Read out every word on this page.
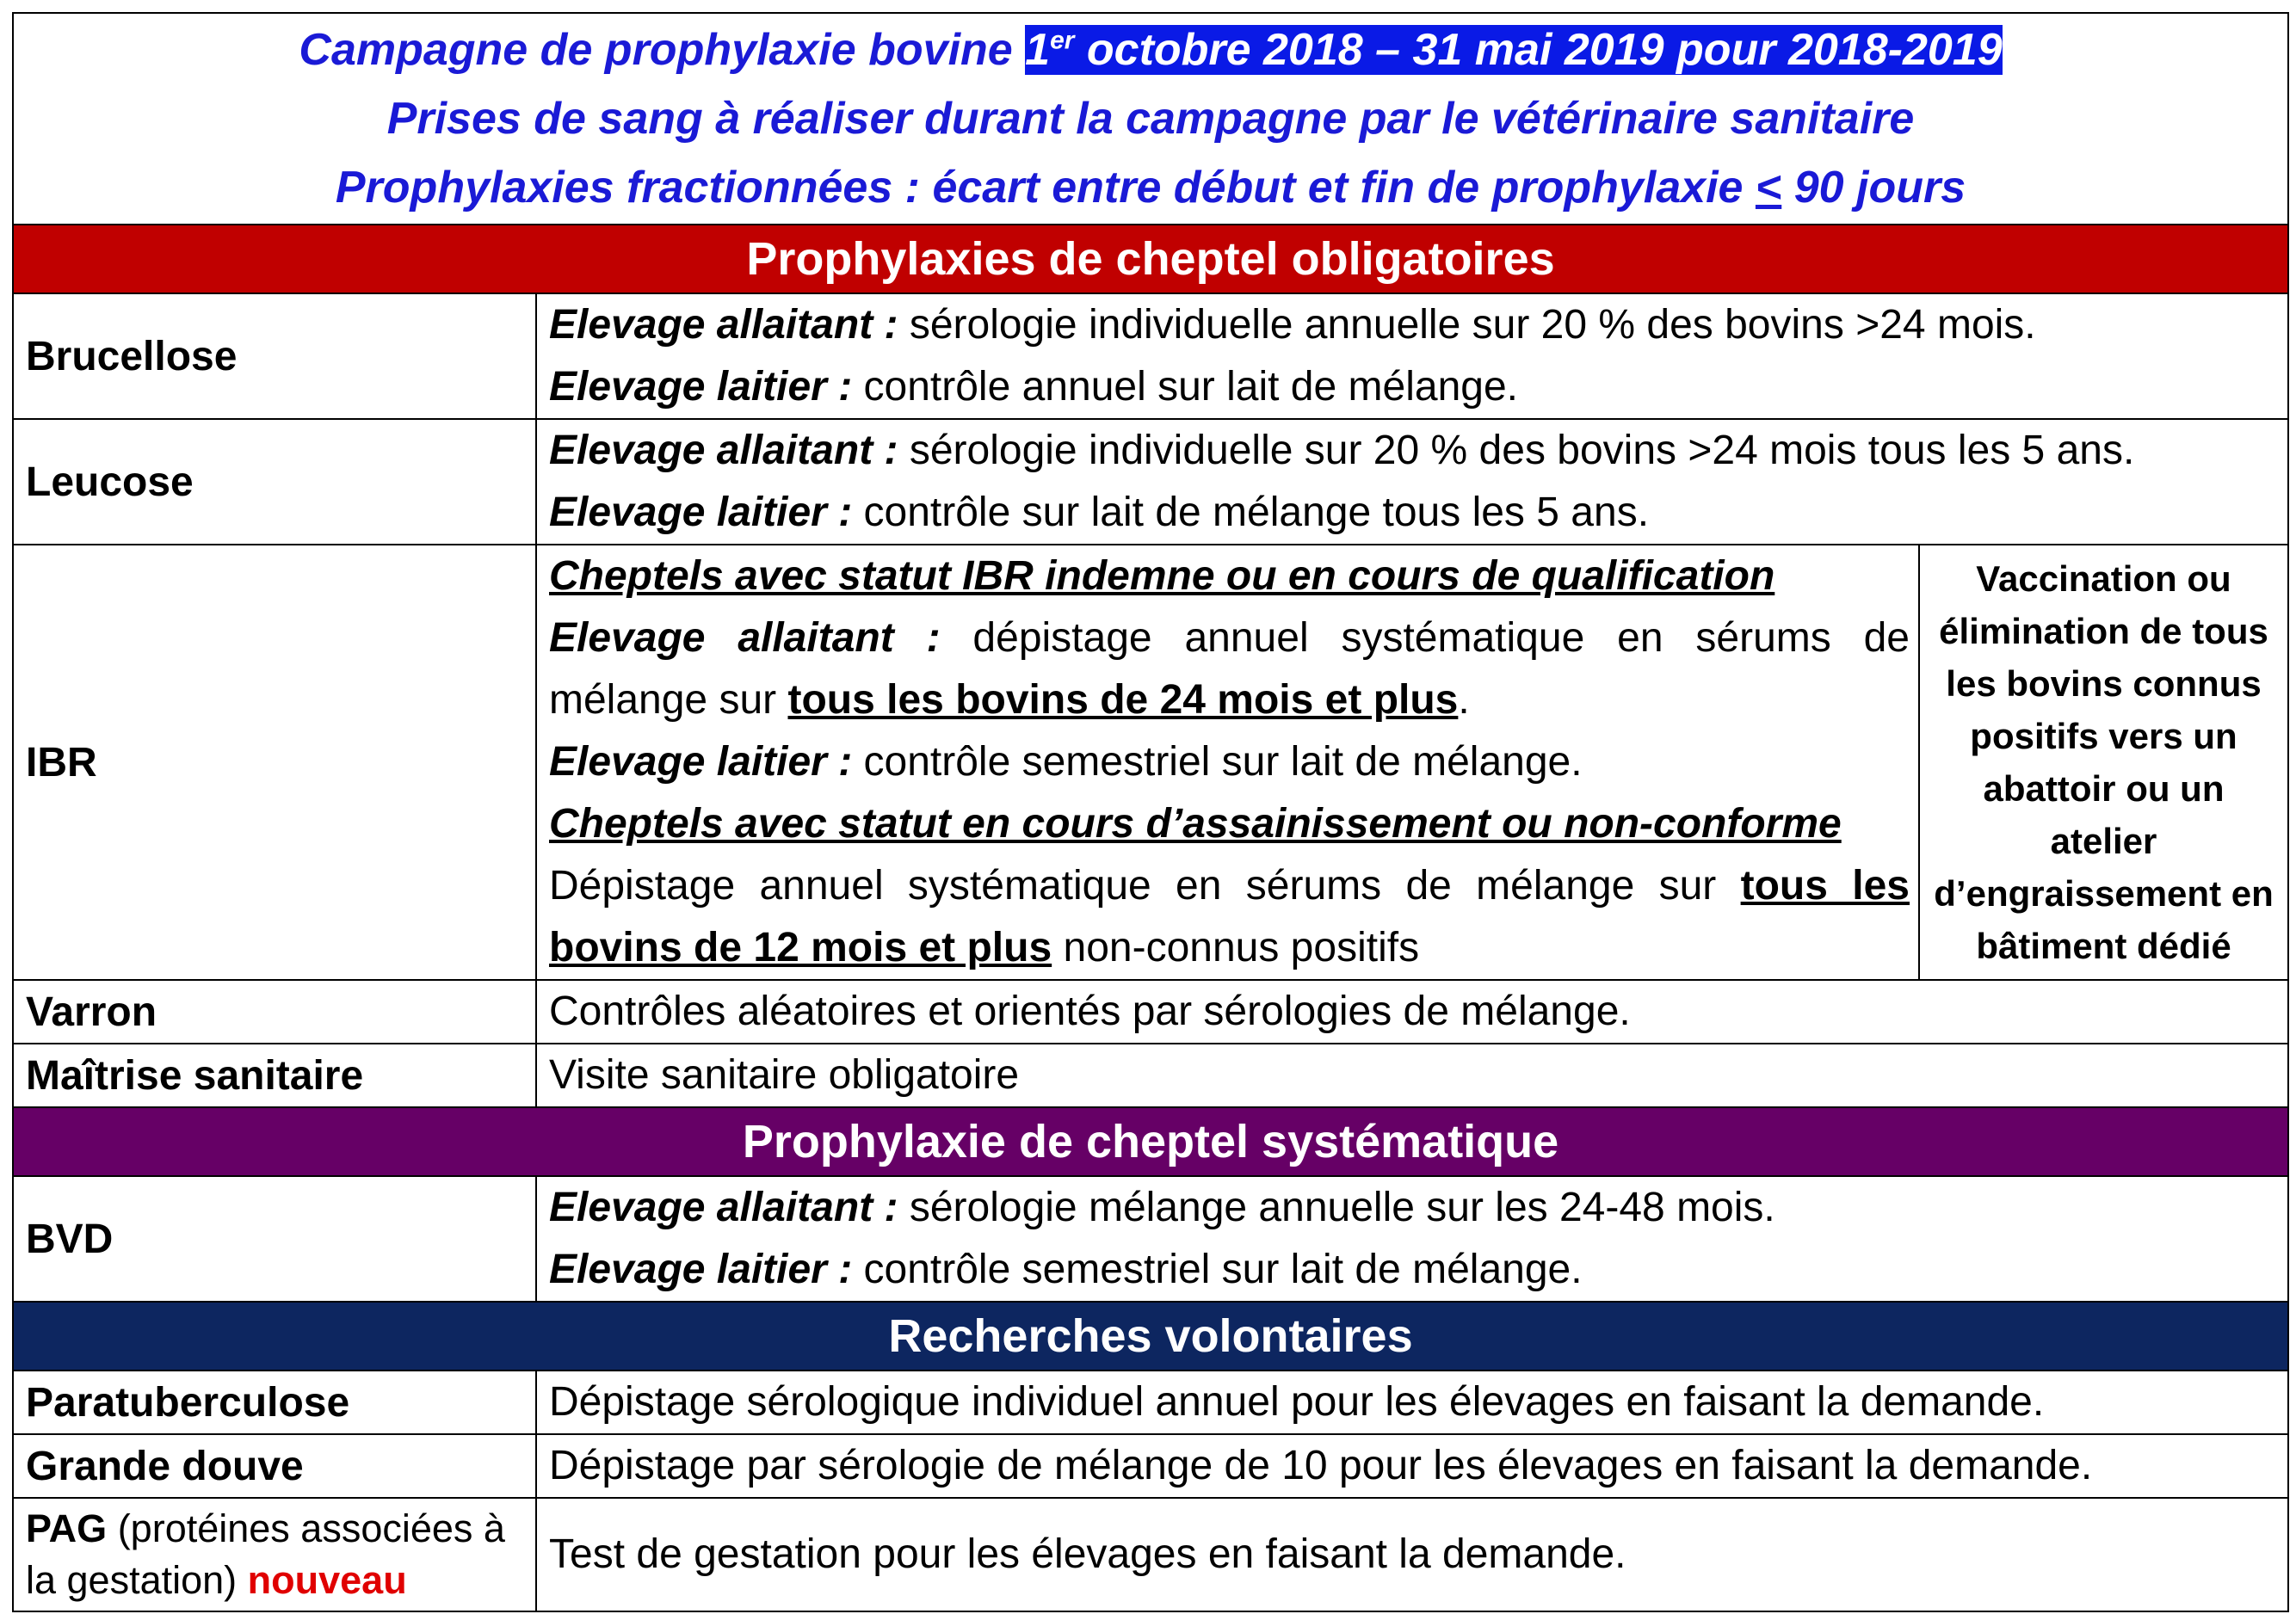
Campagne de prophylaxie bovine 1er octobre 2018 – 31 mai 2019 pour 2018-2019
Prises de sang à réaliser durant la campagne par le vétérinaire sanitaire
Prophylaxies fractionnées : écart entre début et fin de prophylaxie < 90 jours		

Prophylaxies de cheptel obligatoires		
Brucellose	Elevage allaitant : sérologie individuelle annuelle sur 20 % des bovins >24 mois.
Elevage laitier : contrôle annuel sur lait de mélange.	

Leucose	Elevage allaitant : sérologie individuelle sur 20 % des bovins >24 mois tous les 5 ans.
Elevage laitier : contrôle sur lait de mélange tous les 5 ans.	

IBR	Cheptels avec statut IBR indemne ou en cours de qualification
Elevage allaitant : dépistage annuel systématique en sérums de mélange sur tous les bovins de 24 mois et plus.
Elevage laitier : contrôle semestriel sur lait de mélange.
Cheptels avec statut en cours d’assainissement ou non-conforme
Dépistage annuel systématique en sérums de mélange sur tous les bovins de 12 mois et plus non-connus positifs	Vaccination ou élimination de tous les bovins connus positifs vers un abattoir ou un atelier d’engraissement en bâtiment dédié
Varron	Contrôles aléatoires et orientés par sérologies de mélange.	
Maîtrise sanitaire	Visite sanitaire obligatoire	
Prophylaxie de cheptel systématique		
BVD	Elevage allaitant : sérologie mélange annuelle sur les 24-48 mois.
Elevage laitier : contrôle semestriel sur lait de mélange.	

Recherches volontaires		
Paratuberculose	Dépistage sérologique individuel annuel pour les élevages en faisant la demande.	
Grande douve	Dépistage par sérologie de mélange de 10 pour les élevages en faisant la demande.	
PAG (protéines associées à la gestation) nouveau	Test de gestation pour les élevages en faisant la demande.	
